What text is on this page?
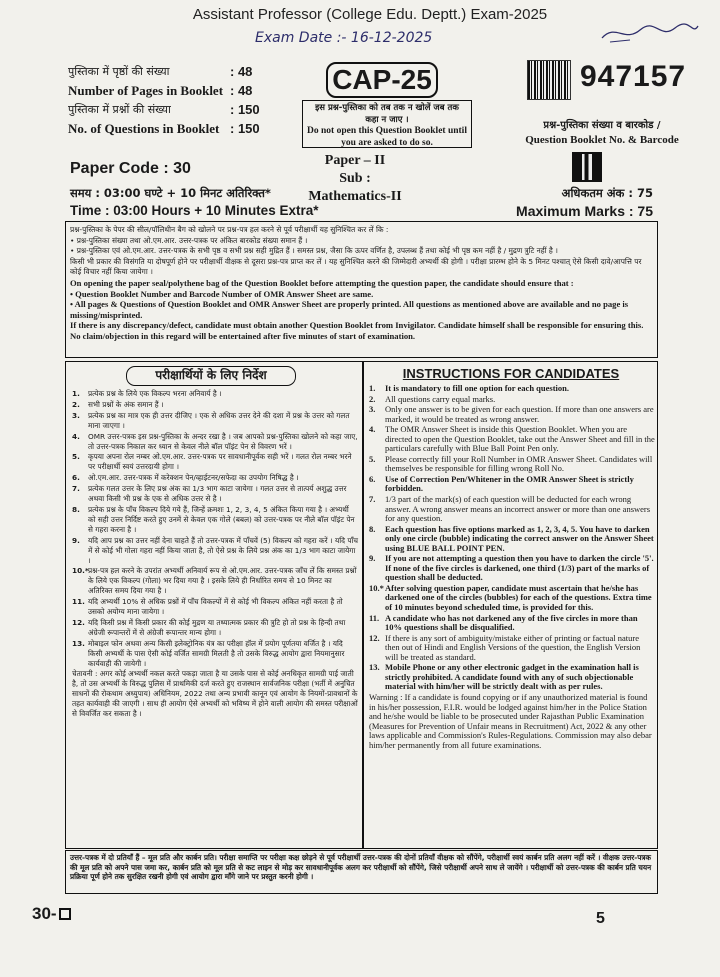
Assistant Professor (College Edu. Deptt.) Exam-2025
Exam Date :- 16-12-2025
पुस्तिका में पृष्ठों की संख्या	: 48
Number of Pages in Booklet : 48
पुस्तिका में प्रश्नों की संख्या	: 150
No. of Questions in Booklet : 150
CAP-25
इस प्रश्न-पुस्तिका को तब तक न खोलें जब तक कहा न जाए ।
Do not open this Question Booklet until you are asked to do so.
947157
प्रश्न-पुस्तिका संख्या व बारकोड /
Question Booklet No. & Barcode
Paper Code : 30	Paper – II
Sub : Mathematics-II
समय : 03:00 घण्टे + 10 मिनट अतिरिक्त*
Time : 03:00 Hours + 10 Minutes Extra*
अधिकतम अंक : 75
Maximum Marks : 75
प्रश्न-पुस्तिका के पेपर की सील/पॉलिथीन बैग को खोलने पर प्रश्न-पत्र हल करने से पूर्व परीक्षार्थी यह सुनिश्चित कर लें कि :
• प्रश्न-पुस्तिका संख्या तथा ओ.एम.आर. उत्तर-पत्रक पर अंकित बारकोड संख्या समान हैं ।
• प्रश्न-पुस्तिका एवं ओ.एम.आर. उत्तर-पत्रक के सभी पृष्ठ व सभी प्रश्न सही मुद्रित हैं । समस्त प्रश्न, जैसा कि ऊपर वर्णित है, उपलब्ध हैं तथा कोई भी पृष्ठ कम नहीं है / मुद्रण त्रुटि नहीं है ।
किसी भी प्रकार की विसंगति या दोषपूर्ण होने पर परीक्षार्थी वीक्षक से दूसरा प्रश्न-पत्र प्राप्त कर लें । यह सुनिश्चित करने की जिम्मेदारी अभ्यर्थी की होगी । परीक्षा प्रारम्भ होने के 5 मिनट पश्चात् ऐसे किसी दावे/आपत्ति पर कोई विचार नहीं किया जायेगा ।
On opening the paper seal/polythene bag of the Question Booklet before attempting the question paper, the candidate should ensure that :
• Question Booklet Number and Barcode Number of OMR Answer Sheet are same.
• All pages & Questions of Question Booklet and OMR Answer Sheet are properly printed. All questions as mentioned above are available and no page is missing/misprinted.
If there is any discrepancy/defect, candidate must obtain another Question Booklet from Invigilator. Candidate himself shall be responsible for ensuring this. No claim/objection in this regard will be entertained after five minutes of start of examination.
परीक्षार्थियों के लिए निर्देश	INSTRUCTIONS FOR CANDIDATES
1.	प्रत्येक प्रश्न के लिये एक विकल्प भरना अनिवार्य है ।
2.	सभी प्रश्नों के अंक समान हैं ।
3.	प्रत्येक प्रश्न का मात्र एक ही उत्तर दीजिए । एक से अधिक उत्तर देने की दशा में प्रश्न के उत्तर को गलत माना जाएगा ।
4.	OMR उत्तर-पत्रक इस प्रश्न-पुस्तिका के अन्दर रखा है । जब आपको प्रश्न-पुस्तिका खोलने को कहा जाए, तो उत्तर-पत्रक निकाल कर ध्यान से केवल नीले बॉल पॉइंट पेन से विवरण भरें ।
5.	कृपया अपना रोल नम्बर ओ.एम.आर. उत्तर-पत्रक पर सावधानीपूर्वक सही भरें । गलत रोल नम्बर भरने पर परीक्षार्थी स्वयं उत्तरदायी होगा ।
6.	ओ.एम.आर. उत्तर-पत्रक में करेक्शन पेन/व्हाईटनर/सफेदा का उपयोग निषिद्ध है ।
7.	प्रत्येक गलत उत्तर के लिए प्रश्न अंक का 1/3 भाग काटा जायेगा । गलत उत्तर से तात्पर्य अशुद्ध उत्तर अथवा किसी भी प्रश्न के एक से अधिक उत्तर से है ।
8.	प्रत्येक प्रश्न के पाँच विकल्प दिये गये हैं, जिन्हें क्रमशः 1, 2, 3, 4, 5 अंकित किया गया है । अभ्यर्थी को सही उत्तर निर्दिष्ट करते हुए उनमें से केवल एक गोले (बबल) को उत्तर-पत्रक पर नीले बॉल पॉइंट पेन से गहरा करना है ।
9.	यदि आप प्रश्न का उत्तर नहीं देना चाहते हैं तो उत्तर-पत्रक में पाँचवें (5) विकल्प को गहरा करें । यदि पाँच में से कोई भी गोला गहरा नहीं किया जाता है, तो ऐसे प्रश्न के लिये प्रश्न अंक का 1/3 भाग काटा जायेगा ।
10.* प्रश्न-पत्र हल करने के उपरांत अभ्यर्थी अनिवार्य रूप से ओ.एम.आर. उत्तर-पत्रक जाँच लें कि समस्त प्रश्नों के लिये एक विकल्प (गोला) भर दिया गया है । इसके लिये ही निर्धारित समय से 10 मिनट का अतिरिक्त समय दिया गया है ।
11. यदि अभ्यर्थी 10% से अधिक प्रश्नों में पाँच विकल्पों में से कोई भी विकल्प अंकित नहीं करता है तो उसको अयोग्य माना जायेगा ।
12. यदि किसी प्रश्न में किसी प्रकार की कोई मुद्रण या तथ्यात्मक प्रकार की त्रुटि हो तो प्रश्न के हिन्दी तथा अंग्रेजी रूपान्तरों में से अंग्रेजी रूपान्तर मान्य होगा ।
13. मोबाइल फोन अथवा अन्य किसी इलेक्ट्रोनिक यंत्र का परीक्षा हॉल में प्रयोग पूर्णतया वर्जित है । यदि किसी अभ्यर्थी के पास ऐसी कोई वर्जित सामग्री मिलती है तो उसके विरुद्ध आयोग द्वारा नियमानुसार कार्यवाही की जायेगी ।
चेतावनी : अगर कोई अभ्यर्थी नकल करते पकड़ा जाता है या उसके पास से कोई अनधिकृत सामग्री पाई जाती है, तो उस अभ्यर्थी के विरुद्ध पुलिस में प्राथमिकी दर्ज करते हुए राजस्थान सार्वजनिक परीक्षा (भर्ती में अनुचित साधनों की रोकथाम अध्युपाय) अधिनियम, 2022 तथा अन्य प्रभावी कानून एवं आयोग के नियमों-प्रावधानों के तहत कार्यवाही की जाएगी । साथ ही आयोग ऐसे अभ्यर्थी को भविष्य में होने वाली आयोग की समस्त परीक्षाओं से विवर्जित कर सकता है ।
1.	It is mandatory to fill one option for each question.
2.	All questions carry equal marks.
3.	Only one answer is to be given for each question. If more than one answers are marked, it would be treated as wrong answer.
4.	The OMR Answer Sheet is inside this Question Booklet. When you are directed to open the Question Booklet, take out the Answer Sheet and fill in the particulars carefully with Blue Ball Point Pen only.
5.	Please correctly fill your Roll Number in OMR Answer Sheet. Candidates will themselves be responsible for filling wrong Roll No.
6.	Use of Correction Pen/Whitener in the OMR Answer Sheet is strictly forbidden.
7.	1/3 part of the mark(s) of each question will be deducted for each wrong answer. A wrong answer means an incorrect answer or more than one answers for any question.
8.	Each question has five options marked as 1, 2, 3, 4, 5. You have to darken only one circle (bubble) indicating the correct answer on the Answer Sheet using BLUE BALL POINT PEN.
9.	If you are not attempting a question then you have to darken the circle '5'. If none of the five circles is darkened, one third (1/3) part of the marks of question shall be deducted.
10.* After solving question paper, candidate must ascertain that he/she has darkened one of the circles (bubbles) for each of the questions. Extra time of 10 minutes beyond scheduled time, is provided for this.
11. A candidate who has not darkened any of the five circles in more than 10% questions shall be disqualified.
12. If there is any sort of ambiguity/mistake either of printing or factual nature then out of Hindi and English Versions of the question, the English Version will be treated as standard.
13. Mobile Phone or any other electronic gadget in the examination hall is strictly prohibited. A candidate found with any of such objectionable material with him/her will be strictly dealt with as per rules.
Warning : If a candidate is found copying or if any unauthorized material is found in his/her possession, F.I.R. would be lodged against him/her in the Police Station and he/she would be liable to be prosecuted under Rajasthan Public Examination (Measures for Prevention of Unfair means in Recruitment) Act, 2022 & any other laws applicable and Commission's Rules-Regulations. Commission may also debar him/her permanently from all future examinations.
उत्तर-पत्रक में दो प्रतियाँ हैं – मूल प्रति और कार्बन प्रति। परीक्षा समाप्ति पर परीक्षा कक्ष छोड़ने से पूर्व परीक्षार्थी उत्तर-पत्रक की दोनों प्रतियाँ वीक्षक को सौंपेंगे, परीक्षार्थी स्वयं कार्बन प्रति अलग नहीं करें । वीक्षक उत्तर-पत्रक की मूल प्रति को अपने पास जमा कर, कार्बन प्रति को मूल प्रति से कट लाइन से मोड़ कर सावधानीपूर्वक अलग कर परीक्षार्थी को सौंपेंगे, जिसे परीक्षार्थी अपने साथ ले जायेंगे । परीक्षार्थी को उत्तर-पत्रक की कार्बन प्रति चयन प्रक्रिया पूर्ण होने तक सुरक्षित रखनी होगी एवं आयोग द्वारा माँगे जाने पर प्रस्तुत करनी होगी ।
30-	5
